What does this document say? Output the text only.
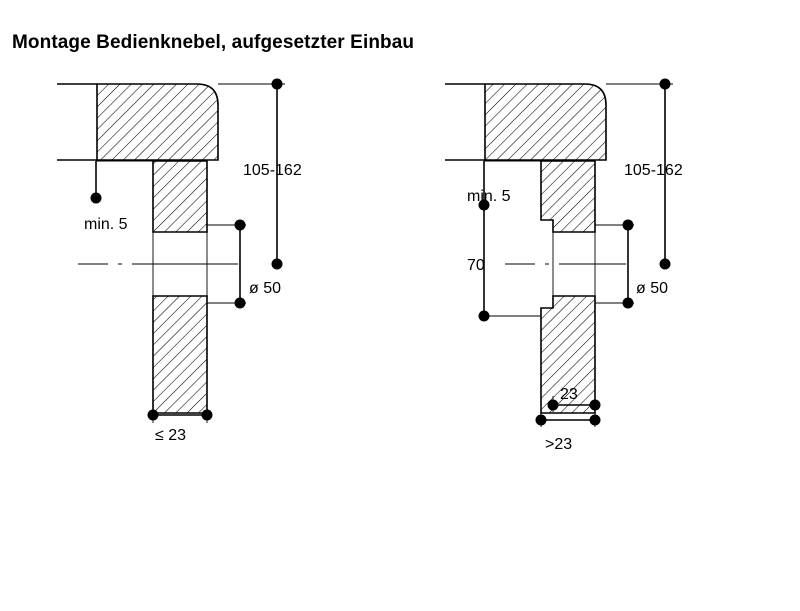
Montage Bedienknebel, aufgesetzter Einbau
105-162
min. 5
ø 50
≤ 23
105-162
min. 5
70
ø 50
23
>23
